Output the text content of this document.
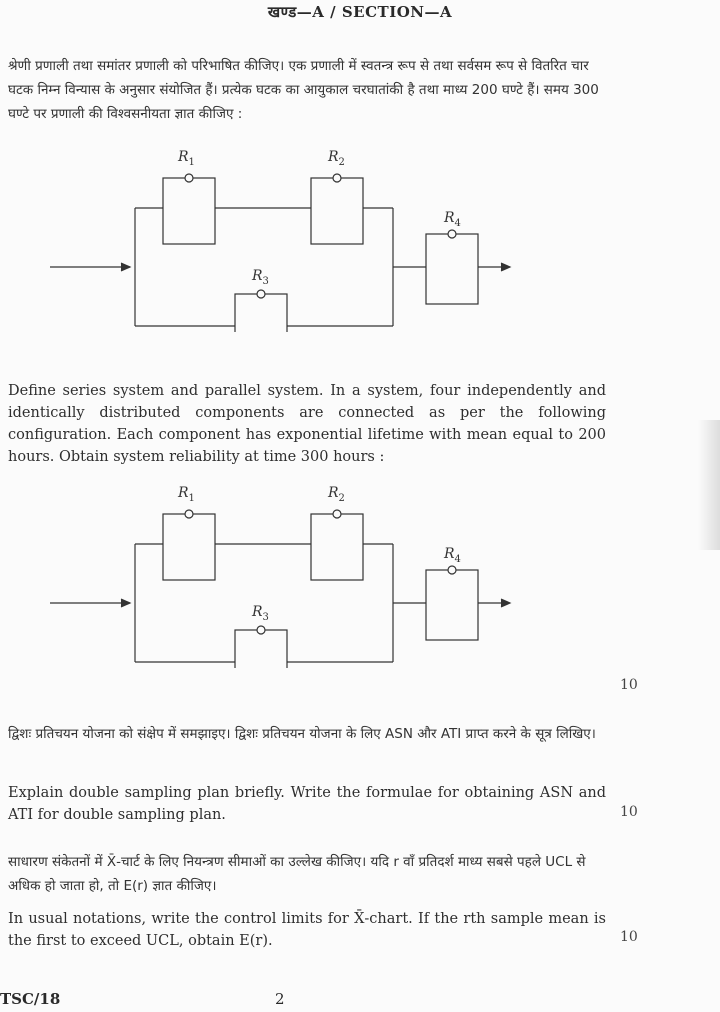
खण्ड—A / SECTION—A
श्रेणी प्रणाली तथा समांतर प्रणाली को परिभाषित कीजिए। एक प्रणाली में स्वतन्त्र रूप से तथा सर्वसम रूप से वितरित चार घटक निम्न विन्यास के अनुसार संयोजित हैं। प्रत्येक घटक का आयुकाल चरघातांकी है तथा माध्य 200 घण्टे हैं। समय 300 घण्टे पर प्रणाली की विश्वसनीयता ज्ञात कीजिए :
$R_1$	$R_2$
$R_3$
$R_4$
Define series system and parallel system. In a system, four independently and identically distributed components are connected as per the following configuration. Each component has exponential lifetime with mean equal to 200 hours. Obtain system reliability at time 300 hours :
$R_1$	$R_2$
$R_3$
$R_4$
10
द्विशः प्रतिचयन योजना को संक्षेप में समझाइए। द्विशः प्रतिचयन योजना के लिए ASN और ATI प्राप्त करने के सूत्र लिखिए।
Explain double sampling plan briefly. Write the formulae for obtaining ASN and ATI for double sampling plan.	10
साधारण संकेतनों में X̄-चार्ट के लिए नियन्त्रण सीमाओं का उल्लेख कीजिए। यदि r वाँ प्रतिदर्श माध्य सबसे पहले UCL से अधिक हो जाता हो, तो E(r) ज्ञात कीजिए।
In usual notations, write the control limits for X̄-chart. If the rth sample mean is the first to exceed UCL, obtain E(r).	10
TSC/18	2
